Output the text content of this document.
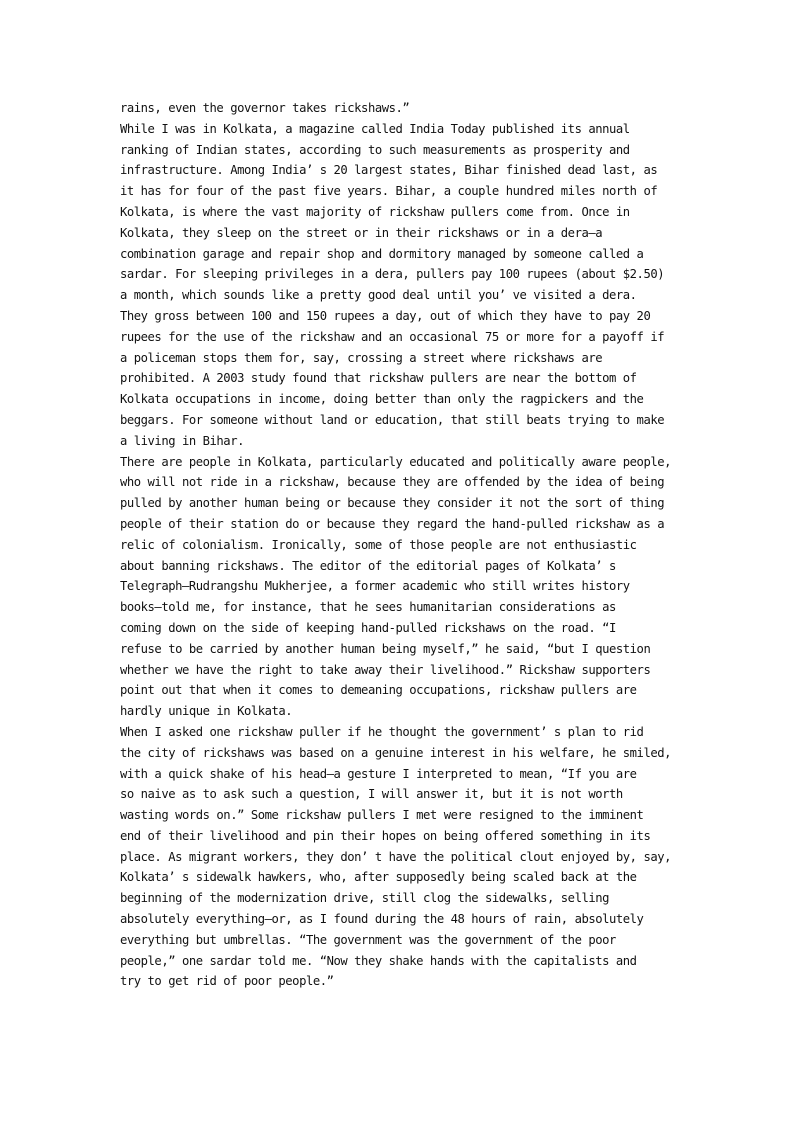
rains, even the governor takes rickshaws.”
While I was in Kolkata, a magazine called India Today published its annual
ranking of Indian states, according to such measurements as prosperity and
infrastructure. Among India’ s 20 largest states, Bihar finished dead last, as
it has for four of the past five years. Bihar, a couple hundred miles north of
Kolkata, is where the vast majority of rickshaw pullers come from. Once in
Kolkata, they sleep on the street or in their rickshaws or in a dera—a
combination garage and repair shop and dormitory managed by someone called a
sardar. For sleeping privileges in a dera, pullers pay 100 rupees (about $2.50)
a month, which sounds like a pretty good deal until you’ ve visited a dera.
They gross between 100 and 150 rupees a day, out of which they have to pay 20
rupees for the use of the rickshaw and an occasional 75 or more for a payoff if
a policeman stops them for, say, crossing a street where rickshaws are
prohibited. A 2003 study found that rickshaw pullers are near the bottom of
Kolkata occupations in income, doing better than only the ragpickers and the
beggars. For someone without land or education, that still beats trying to make
a living in Bihar.
There are people in Kolkata, particularly educated and politically aware people,
who will not ride in a rickshaw, because they are offended by the idea of being
pulled by another human being or because they consider it not the sort of thing
people of their station do or because they regard the hand-pulled rickshaw as a
relic of colonialism. Ironically, some of those people are not enthusiastic
about banning rickshaws. The editor of the editorial pages of Kolkata’ s
Telegraph—Rudrangshu Mukherjee, a former academic who still writes history
books—told me, for instance, that he sees humanitarian considerations as
coming down on the side of keeping hand-pulled rickshaws on the road. “I
refuse to be carried by another human being myself,” he said, “but I question
whether we have the right to take away their livelihood.” Rickshaw supporters
point out that when it comes to demeaning occupations, rickshaw pullers are
hardly unique in Kolkata.
When I asked one rickshaw puller if he thought the government’ s plan to rid
the city of rickshaws was based on a genuine interest in his welfare, he smiled,
with a quick shake of his head—a gesture I interpreted to mean, “If you are
so naive as to ask such a question, I will answer it, but it is not worth
wasting words on.” Some rickshaw pullers I met were resigned to the imminent
end of their livelihood and pin their hopes on being offered something in its
place. As migrant workers, they don’ t have the political clout enjoyed by, say,
Kolkata’ s sidewalk hawkers, who, after supposedly being scaled back at the
beginning of the modernization drive, still clog the sidewalks, selling
absolutely everything—or, as I found during the 48 hours of rain, absolutely
everything but umbrellas. “The government was the government of the poor
people,” one sardar told me. “Now they shake hands with the capitalists and
try to get rid of poor people.”
